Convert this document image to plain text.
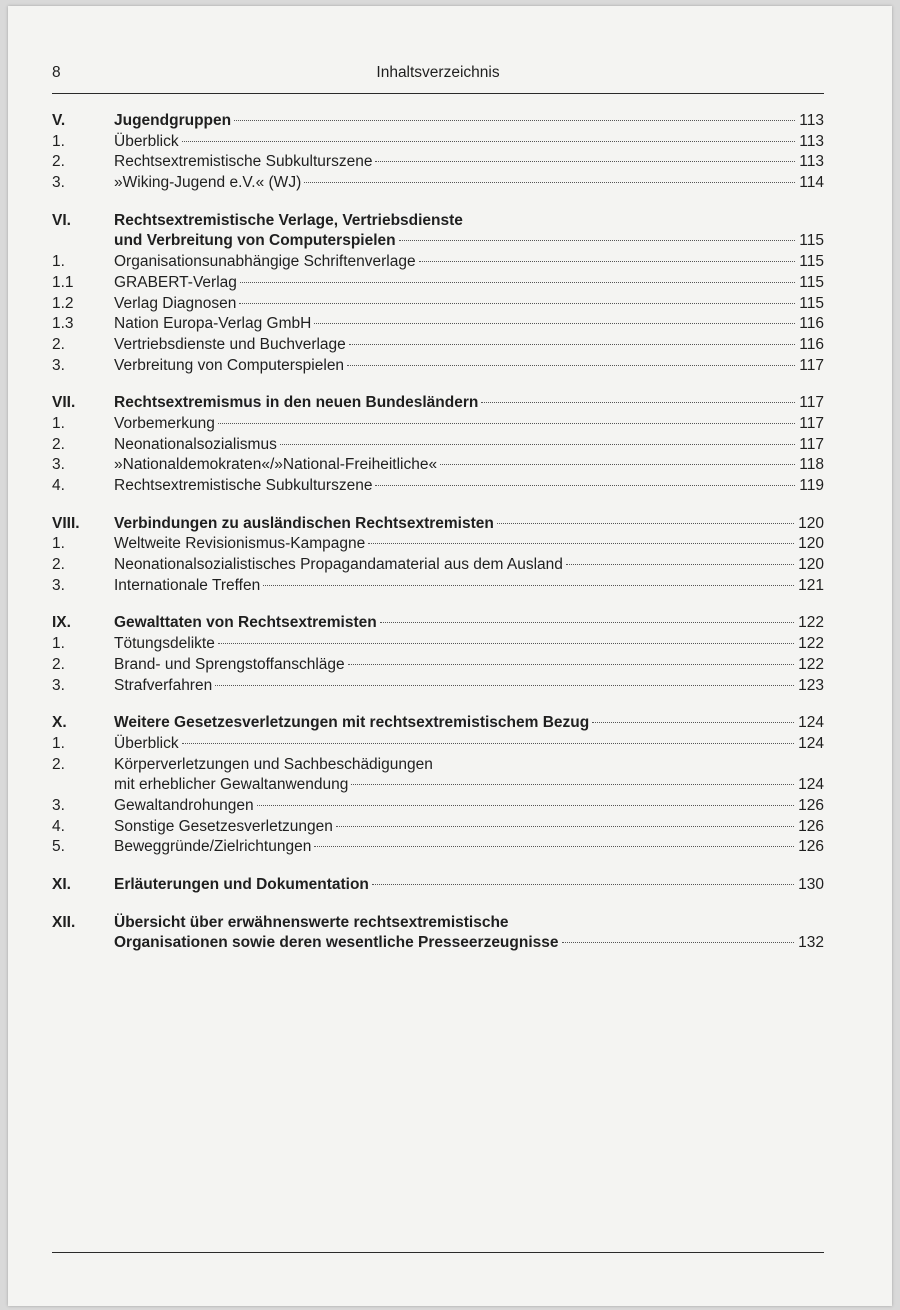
8	Inhaltsverzeichnis
V.	Jugendgruppen	113
1.	Überblick	113
2.	Rechtsextremistische Subkulturszene	113
3.	»Wiking-Jugend e.V.« (WJ)	114
VI.	Rechtsextremistische Verlage, Vertriebsdienste
und Verbreitung von Computerspielen	115
1.	Organisationsunabhängige Schriftenverlage	115
1.1	GRABERT-Verlag	115
1.2	Verlag Diagnosen	115
1.3	Nation Europa-Verlag GmbH	116
2.	Vertriebsdienste und Buchverlage	116
3.	Verbreitung von Computerspielen	117
VII.	Rechtsextremismus in den neuen Bundesländern	117
1.	Vorbemerkung	117
2.	Neonationalsozialismus	117
3.	»Nationaldemokraten«/»National-Freiheitliche«	118
4.	Rechtsextremistische Subkulturszene	119
VIII.	Verbindungen zu ausländischen Rechtsextremisten	120
1.	Weltweite Revisionismus-Kampagne	120
2.	Neonationalsozialistisches Propagandamaterial aus dem Ausland	120
3.	Internationale Treffen	121
IX.	Gewalttaten von Rechtsextremisten	122
1.	Tötungsdelikte	122
2.	Brand- und Sprengstoffanschläge	122
3.	Strafverfahren	123
X.	Weitere Gesetzesverletzungen mit rechtsextremistischem Bezug	124
1.	Überblick	124
2.	Körperverletzungen und Sachbeschädigungen
mit erheblicher Gewaltanwendung	124
3.	Gewaltandrohungen	126
4.	Sonstige Gesetzesverletzungen	126
5.	Beweggründe/Zielrichtungen	126
XI.	Erläuterungen und Dokumentation	130
XII.	Übersicht über erwähnenswerte rechtsextremistische
Organisationen sowie deren wesentliche Presseerzeugnisse	132
